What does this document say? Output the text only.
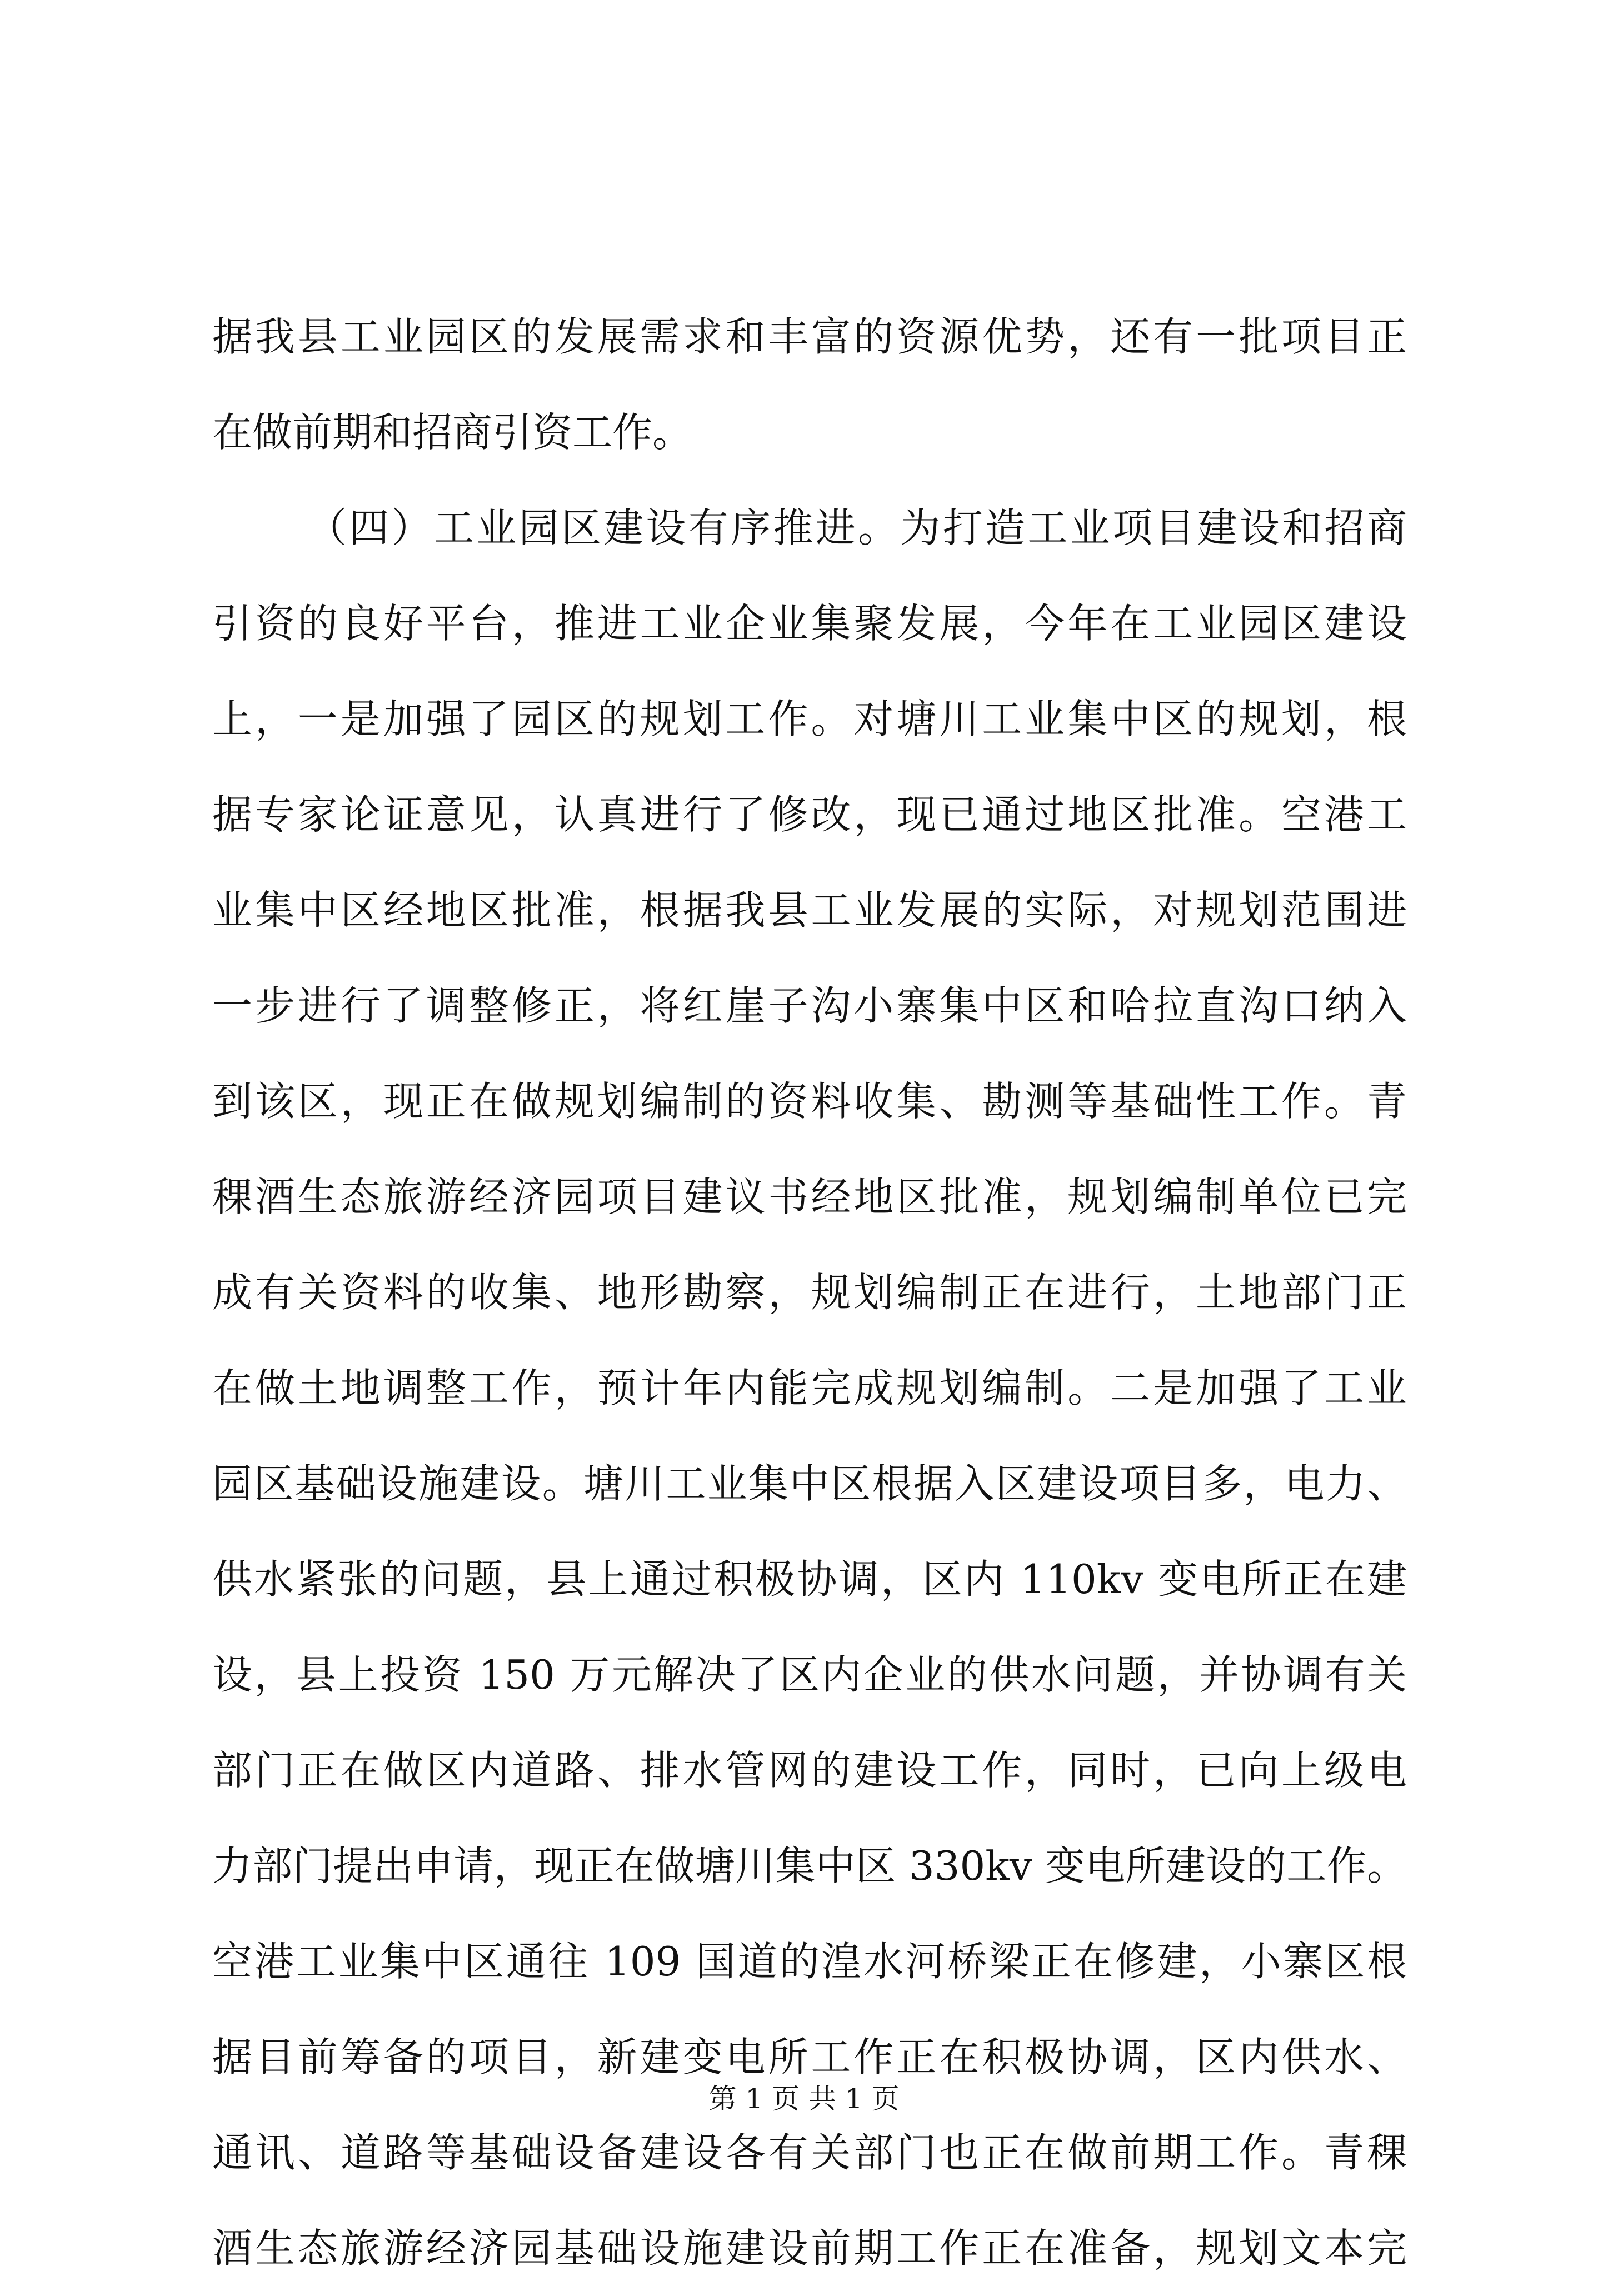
据我县工业园区的发展需求和丰富的资源优势，还有一批项目正
在做前期和招商引资工作。
（四）工业园区建设有序推进。为打造工业项目建设和招商
引资的良好平台，推进工业企业集聚发展，今年在工业园区建设
上，一是加强了园区的规划工作。对塘川工业集中区的规划，根
据专家论证意见，认真进行了修改，现已通过地区批准。空港工
业集中区经地区批准，根据我县工业发展的实际，对规划范围进
一步进行了调整修正，将红崖子沟小寨集中区和哈拉直沟口纳入
到该区，现正在做规划编制的资料收集、勘测等基础性工作。青
稞酒生态旅游经济园项目建议书经地区批准，规划编制单位已完
成有关资料的收集、地形勘察，规划编制正在进行，土地部门正
在做土地调整工作，预计年内能完成规划编制。二是加强了工业
园区基础设施建设。塘川工业集中区根据入区建设项目多，电力、
供水紧张的问题，县上通过积极协调，区内 110kv 变电所正在建
设，县上投资 150 万元解决了区内企业的供水问题，并协调有关
部门正在做区内道路、排水管网的建设工作，同时，已向上级电
力部门提出申请，现正在做塘川集中区 330kv 变电所建设的工作。
空港工业集中区通往 109 国道的湟水河桥梁正在修建，小寨区根
据目前筹备的项目，新建变电所工作正在积极协调，区内供水、
通讯、道路等基础设备建设各有关部门也正在做前期工作。青稞
酒生态旅游经济园基础设施建设前期工作正在准备，规划文本完
第 1 页 共 1 页
